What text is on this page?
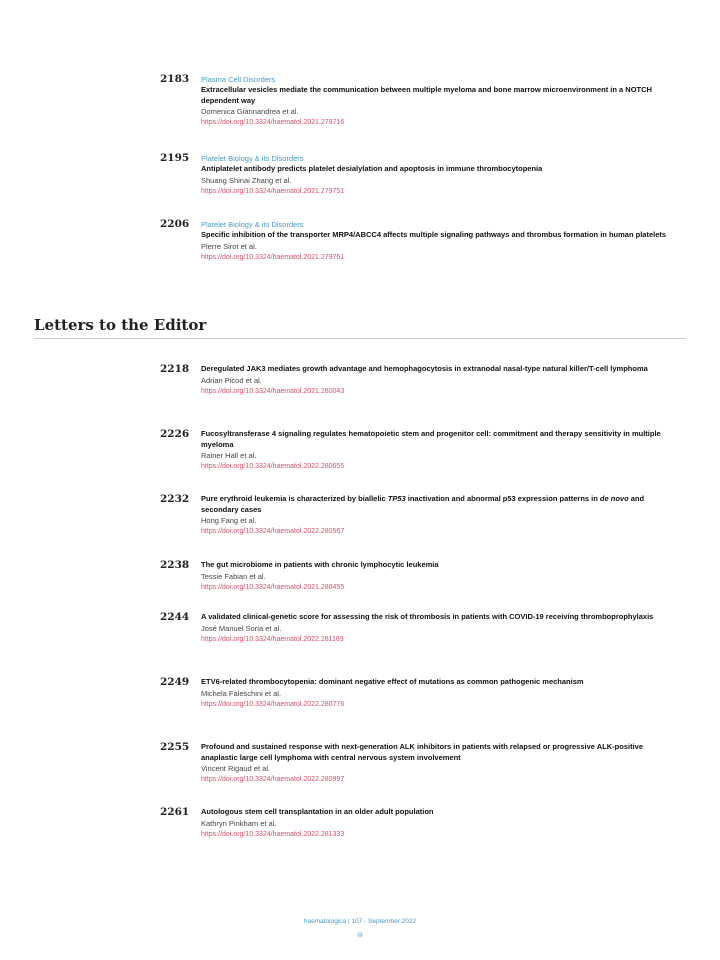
2183	Plasma Cell Disorders
Extracellular vesicles mediate the communication between multiple myeloma and bone marrow microenvironment in a NOTCH dependent way
Domenica Giannandrea et al.
https://doi.org/10.3324/haematol.2021.279716
2195	Platelet Biology & its Disorders
Antiplatelet antibody predicts platelet desialylation and apoptosis in immune thrombocytopenia
Shuang Shinai Zhang et al.
https://doi.org/10.3324/haematol.2021.279751
2206	Platelet Biology & its Disorders
Specific inhibition of the transporter MRP4/ABCC4 affects multiple signaling pathways and thrombus formation in human platelets
Pierre Sirot et al.
https://doi.org/10.3324/haematol.2021.279761
Letters to the Editor
2218	Deregulated JAK3 mediates growth advantage and hemophagocytosis in extranodal nasal-type natural killer/T-cell lymphoma
Adrian Picod et al.
https://doi.org/10.3324/haematol.2021.280043
2226	Fucosyltransferase 4 signaling regulates hematopoietic stem and progenitor cell: commitment and therapy sensitivity in multiple myeloma
Rainer Hall et al.
https://doi.org/10.3324/haematol.2022.280655
2232	Pure erythroid leukemia is characterized by biallelic TP53 inactivation and abnormal p53 expression patterns in de novo and secondary cases
Hong Fang et al.
https://doi.org/10.3324/haematol.2022.280567
2238	The gut microbiome in patients with chronic lymphocytic leukemia
Tessie Fabian et al.
https://doi.org/10.3324/haematol.2021.280455
2244	A validated clinical-genetic score for assessing the risk of thrombosis in patients with COVID-19 receiving thromboprophylaxis
José Manuel Soria et al.
https://doi.org/10.3324/haematol.2022.281169
2249	ETV6-related thrombocytopenia: dominant negative effect of mutations as common pathogenic mechanism
Michela Faleschini et al.
https://doi.org/10.3324/haematol.2022.280776
2255	Profound and sustained response with next-generation ALK inhibitors in patients with relapsed or progressive ALK-positive anaplastic large cell lymphoma with central nervous system involvement
Vincent Rigaud et al.
https://doi.org/10.3324/haematol.2022.280997
2261	Autologous stem cell transplantation in an older adult population
Kathryn Pinkham et al.
https://doi.org/10.3324/haematol.2022.281333
haematologica | 107 - September 2022
III
